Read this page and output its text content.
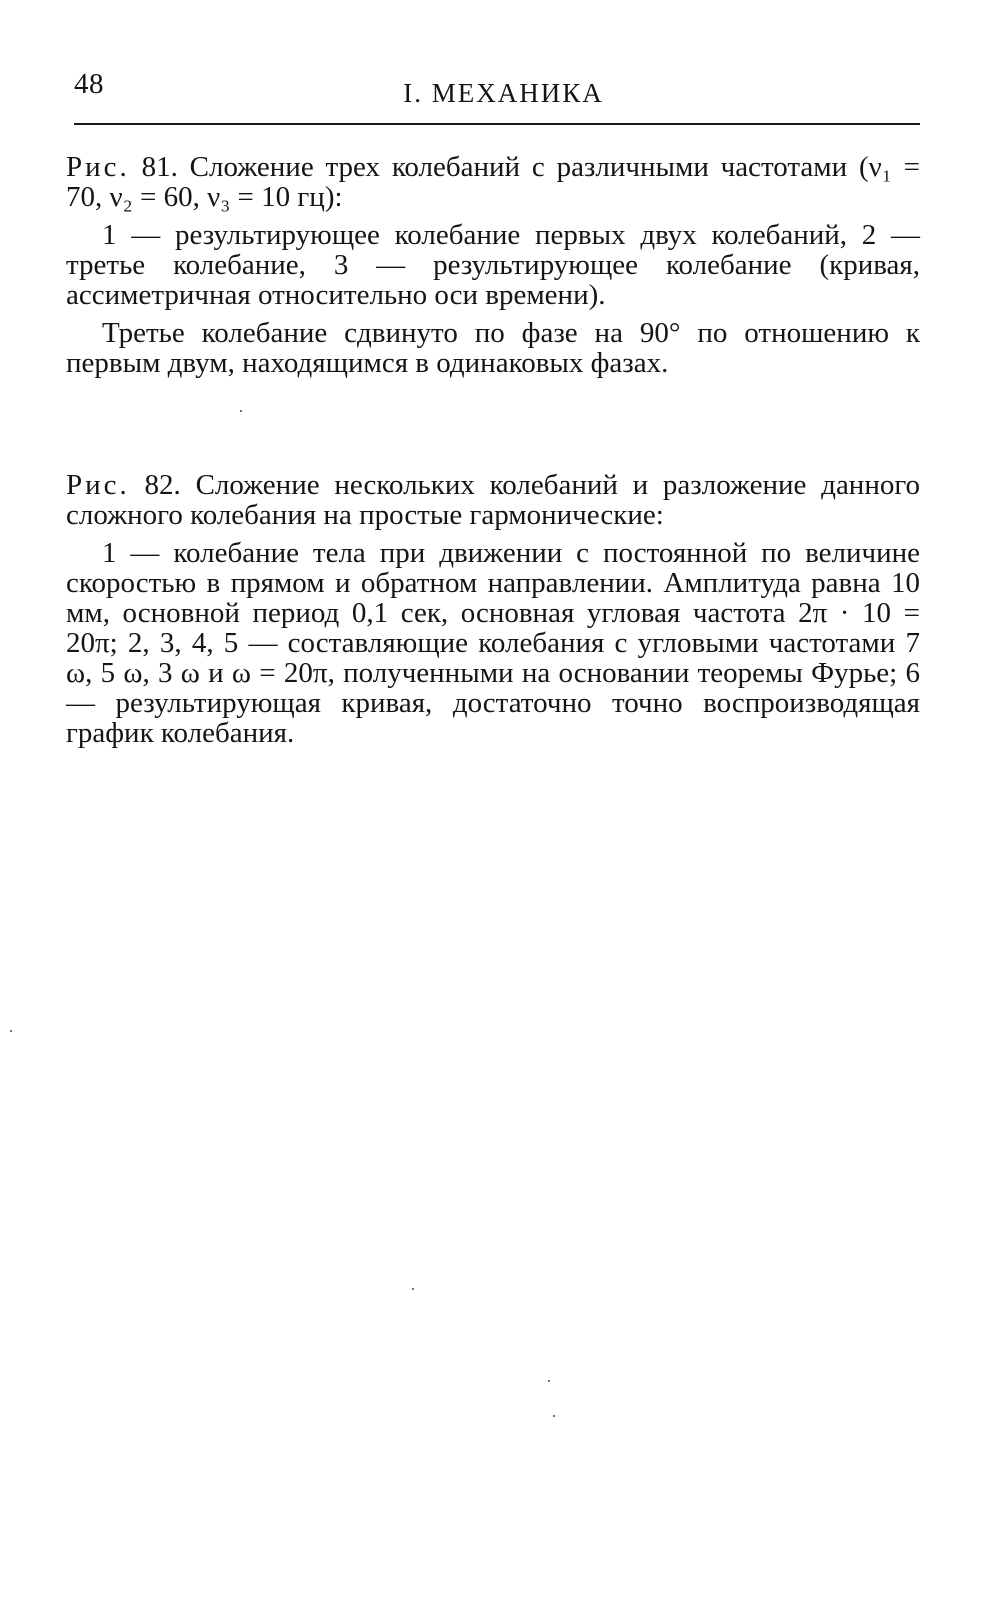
48	I. МЕХАНИКА

Рис. 81. Сложение трех колебаний с различными частотами (ν₁ = 70, ν₂ = 60, ν₃ = 10 гц):

1 — результирующее колебание первых двух колебаний, 2 — третье колебание, 3 — результирующее колебание (кривая, ассиметричная относительно оси времени).

Третье колебание сдвинуто по фазе на 90° по отношению к первым двум, находящимся в одинаковых фазах.

Рис. 82. Сложение нескольких колебаний и разложение данного сложного колебания на простые гармонические:

1 — колебание тела при движении с постоянной по величине скоростью в прямом и обратном направлении. Амплитуда равна 10 мм, основной период 0,1 сек, основная угловая частота 2π · 10 = 20π; 2, 3, 4, 5 — составляющие колебания с угловыми частотами 7 ω, 5 ω, 3 ω и ω = 20π, полученными на основании теоремы Фурье; 6 — результирующая кривая, достаточно точно воспроизводящая график колебания.
